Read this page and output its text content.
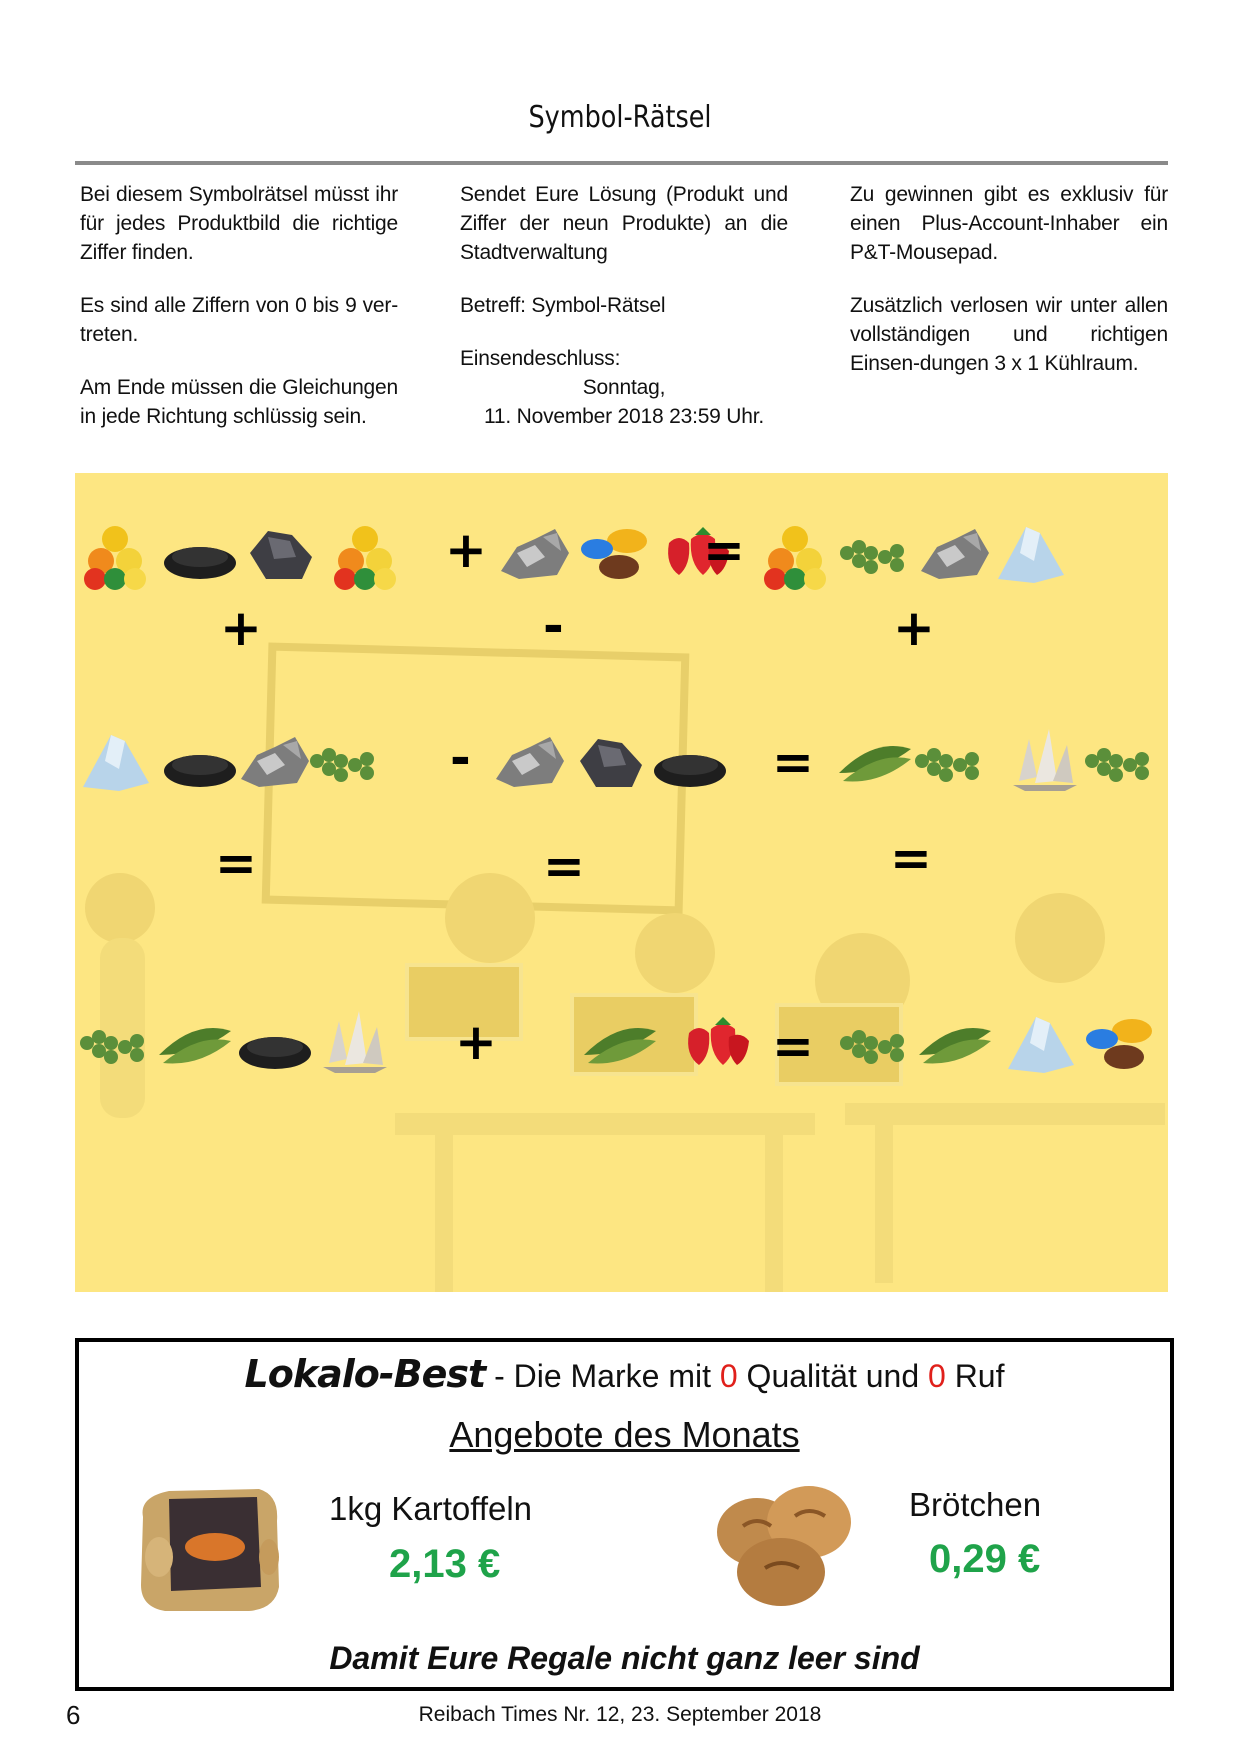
Symbol-Rätsel

Bei diesem Symbolrätsel müsst ihr für jedes Produktbild die richtige Ziffer finden.

Es sind alle Ziffern von 0 bis 9 ver-treten.

Am Ende müssen die Gleichungen in jede Richtung schlüssig sein.

Sendet Eure Lösung (Produkt und Ziffer der neun Produkte) an die Stadtverwaltung

Betreff: Symbol-Rätsel

Einsendeschluss:

Sonntag,
11. November 2018 23:59 Uhr.

Zu gewinnen gibt es exklusiv für einen Plus-Account-Inhaber ein P&T-Mousepad.

Zusätzlich verlosen wir unter allen vollständigen und richtigen Einsen-dungen 3 x 1 Kühlraum.

+	=
+	-	+
-	=
=	=	=
+	=
Lokalo-Best - Die Marke mit 0 Qualität und 0 Ruf
Angebote des Monats
1kg Kartoffeln
2,13 €
Brötchen
0,29 €
Damit Eure Regale nicht ganz leer sind
6	Reibach Times Nr. 12, 23. September 2018
